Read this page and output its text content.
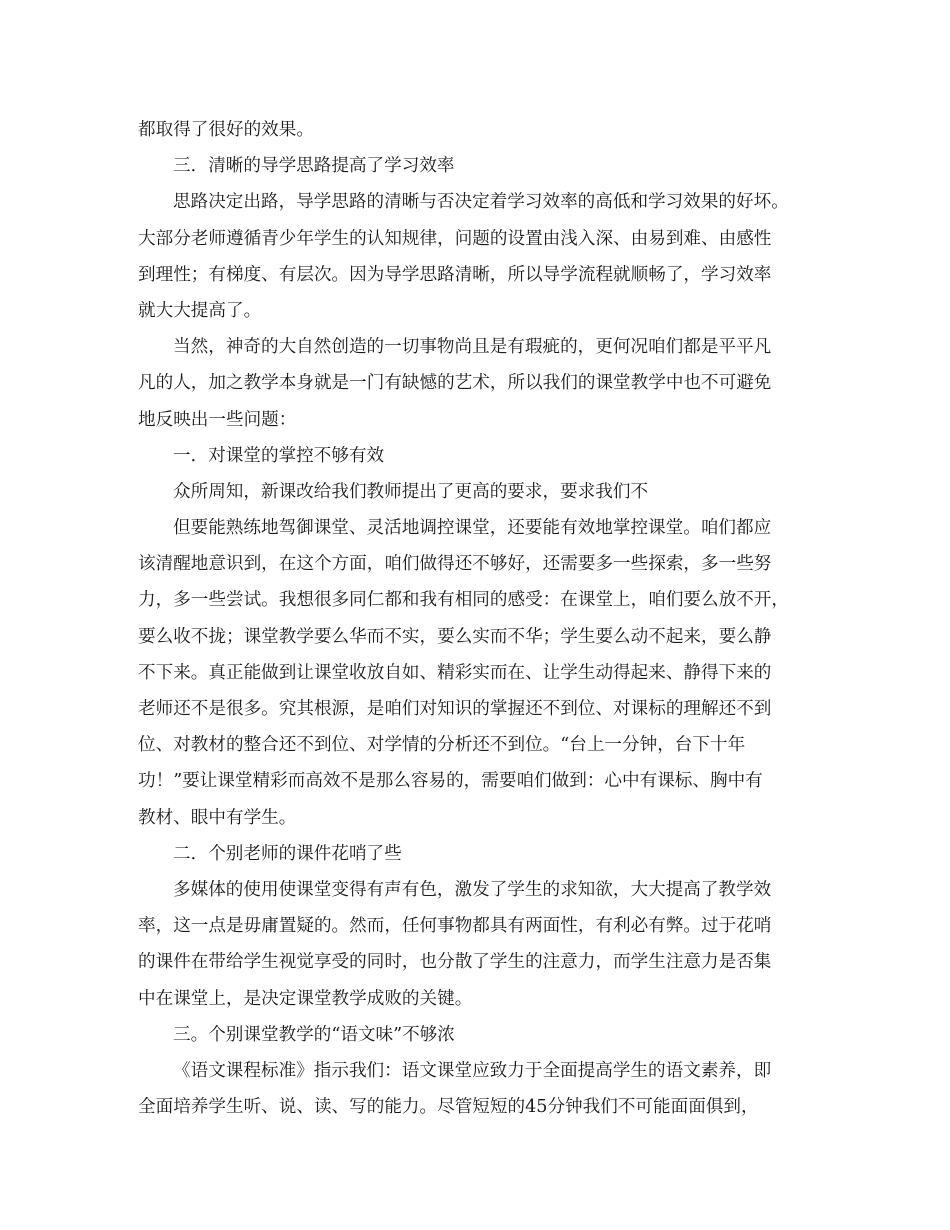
都取得了很好的效果。
三．清晰的导学思路提高了学习效率
思路决定出路，导学思路的清晰与否决定着学习效率的高低和学习效果的好坏。
大部分老师遵循青少年学生的认知规律，问题的设置由浅入深、由易到难、由感性
到理性；有梯度、有层次。因为导学思路清晰，所以导学流程就顺畅了，学习效率
就大大提高了。
当然，神奇的大自然创造的一切事物尚且是有瑕疵的，更何况咱们都是平平凡
凡的人，加之教学本身就是一门有缺憾的艺术，所以我们的课堂教学中也不可避免
地反映出一些问题：
一．对课堂的掌控不够有效
众所周知，新课改给我们教师提出了更高的要求，要求我们不
但要能熟练地驾御课堂、灵活地调控课堂，还要能有效地掌控课堂。咱们都应
该清醒地意识到，在这个方面，咱们做得还不够好，还需要多一些探索，多一些努
力，多一些尝试。我想很多同仁都和我有相同的感受：在课堂上，咱们要么放不开，
要么收不拢；课堂教学要么华而不实，要么实而不华；学生要么动不起来，要么静
不下来。真正能做到让课堂收放自如、精彩实而在、让学生动得起来、静得下来的
老师还不是很多。究其根源，是咱们对知识的掌握还不到位、对课标的理解还不到
位、对教材的整合还不到位、对学情的分析还不到位。“台上一分钟，台下十年
功！”要让课堂精彩而高效不是那么容易的，需要咱们做到：心中有课标、胸中有
教材、眼中有学生。
二．个别老师的课件花哨了些
多媒体的使用使课堂变得有声有色，激发了学生的求知欲，大大提高了教学效
率，这一点是毋庸置疑的。然而，任何事物都具有两面性，有利必有弊。过于花哨
的课件在带给学生视觉享受的同时，也分散了学生的注意力，而学生注意力是否集
中在课堂上，是决定课堂教学成败的关键。
三。个别课堂教学的“语文味”不够浓
《语文课程标准》指示我们：语文课堂应致力于全面提高学生的语文素养，即
全面培养学生听、说、读、写的能力。尽管短短的45分钟我们不可能面面俱到，
